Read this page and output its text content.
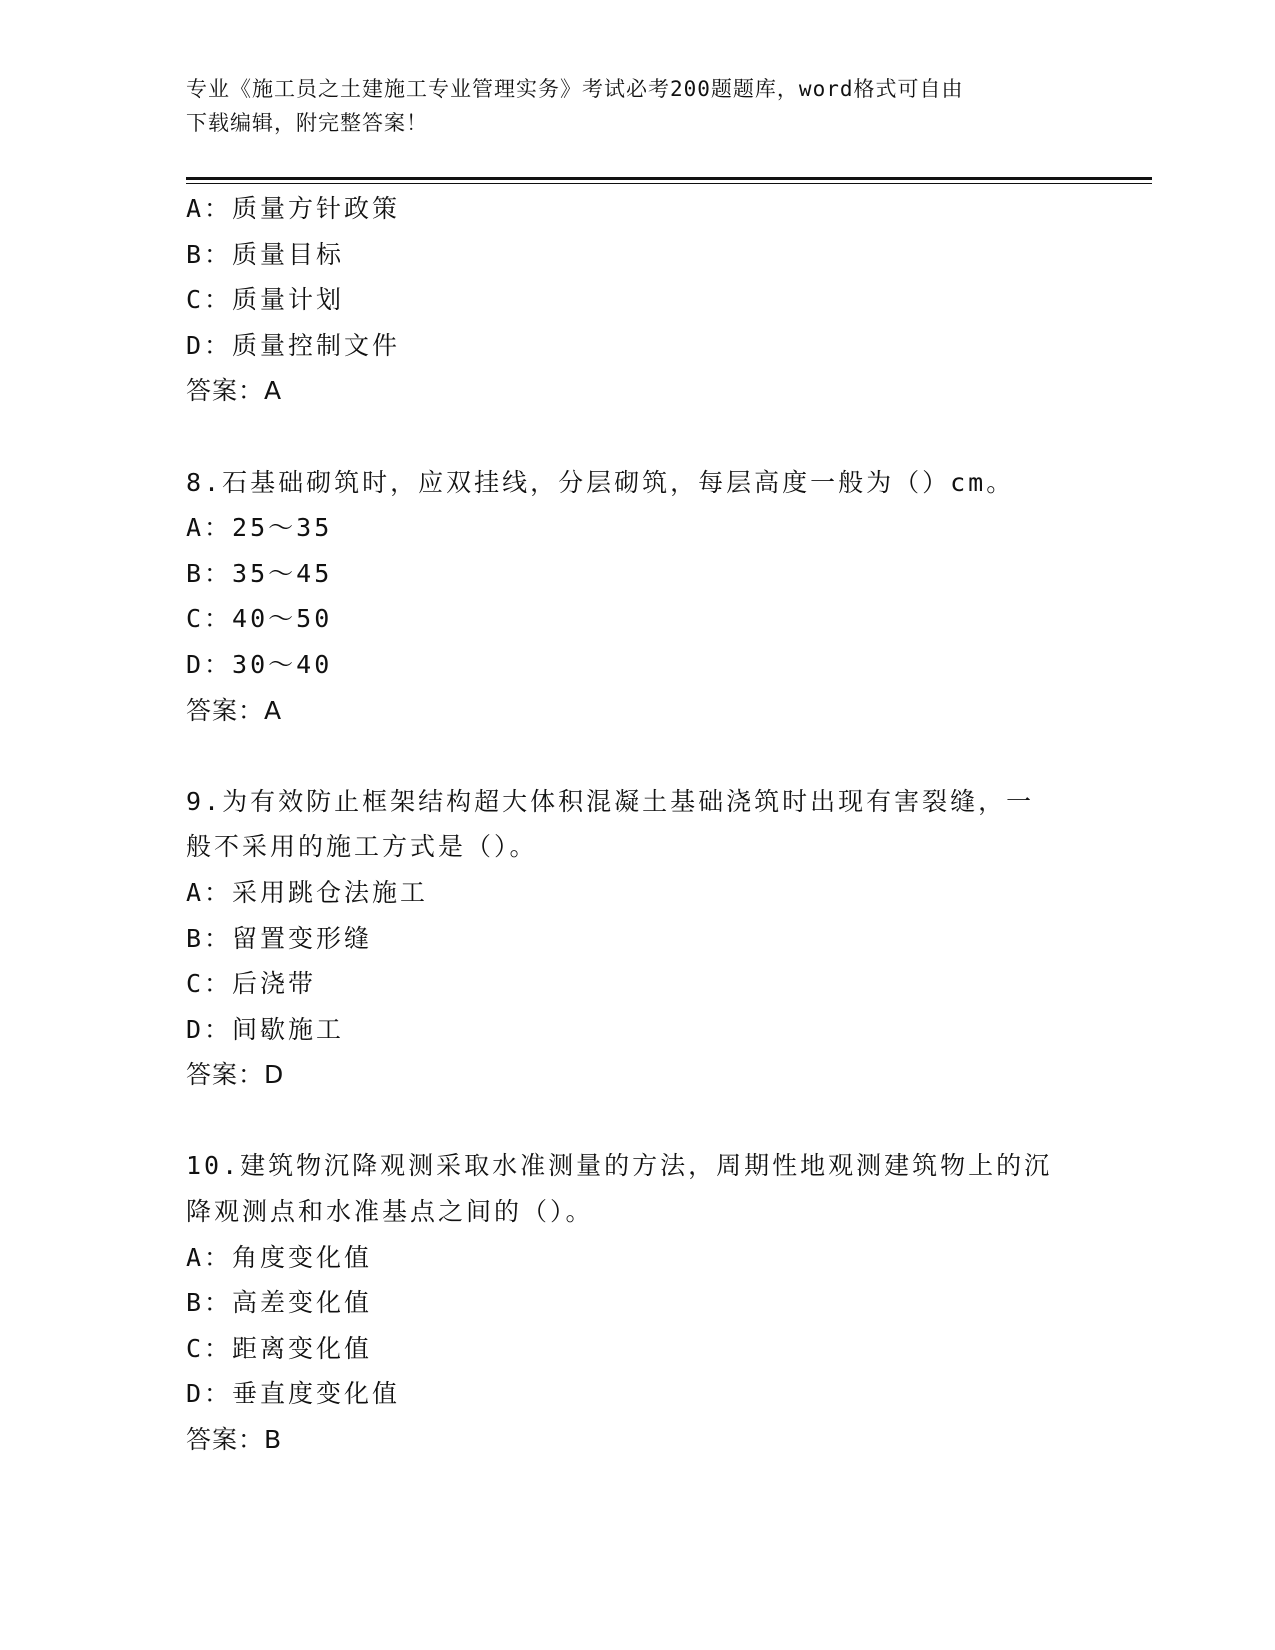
专业《施工员之土建施工专业管理实务》考试必考200题题库，word格式可自由
下载编辑，附完整答案！
A：质量方针政策
B：质量目标
C：质量计划
D：质量控制文件
答案：A
8.石基础砌筑时，应双挂线，分层砌筑，每层高度一般为（）cm。
A：25～35
B：35～45
C：40～50
D：30～40
答案：A
9.为有效防止框架结构超大体积混凝土基础浇筑时出现有害裂缝，一
般不采用的施工方式是（）。
A：采用跳仓法施工
B：留置变形缝
C：后浇带
D：间歇施工
答案：D
10.建筑物沉降观测采取水准测量的方法，周期性地观测建筑物上的沉
降观测点和水准基点之间的（）。
A：角度变化值
B：高差变化值
C：距离变化值
D：垂直度变化值
答案：B
